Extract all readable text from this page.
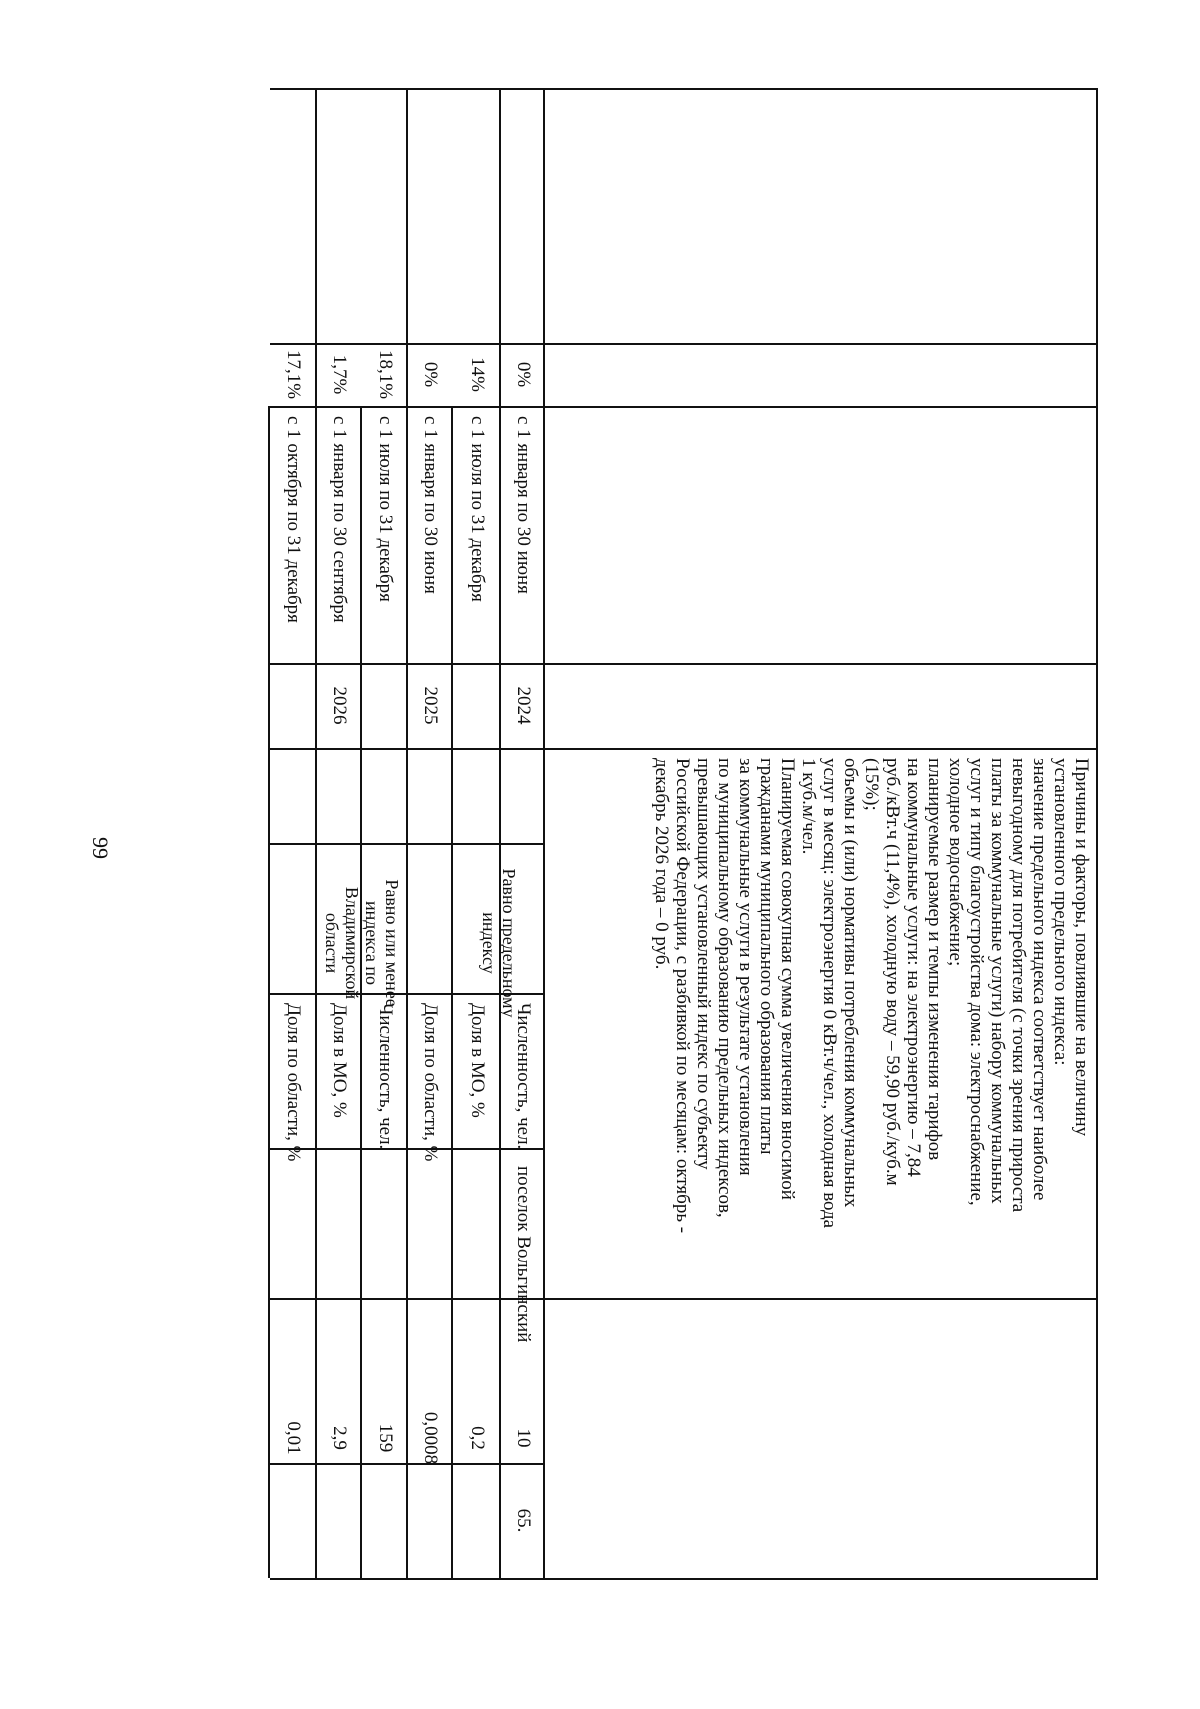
99	Причины и факторы, повлиявшие на величину
установленного предельного индекса:
значение предельного индекса соответствует наиболее
невыгодному для потребителя (с точки зрения прироста
платы за коммунальные услуги) набору коммунальных
услуг и типу благоустройства дома: электроснабжение,
холодное водоснабжение;
планируемые размер и темпы изменения тарифов
на коммунальные услуги: на электроэнергию – 7,84
руб./кВт.ч (11,4%), холодную воду – 59,90 руб./куб.м
(15%);
объемы и (или) нормативы потребления коммунальных
услуг в месяц: электроэнергия 0 кВт.ч/чел., холодная вода
1 куб.м/чел.
Планируемая совокупная сумма увеличения вносимой
гражданами муниципального образования платы
за коммунальные услуги в результате установления
по муниципальному образованию предельных индексов,
превышающих установленный индекс по субъекту
Российской Федерации, с разбивкой по месяцам: октябрь -
декабрь 2026 года – 0 руб.
65.
поселок Вольгинский
2024
2025
2026
с 1 января по 30 июня
с 1 июля по 31 декабря
с 1 января по 30 июня
с 1 июля по 31 декабря
с 1 января по 30 сентября
с 1 октября по 31 декабря
0%
14%
0%
18,1%
1,7%
17,1%
Численность, чел.
10
Доля в МО, %
0,2
Доля по области, %
0,0008
Численность, чел.
159
Доля в МО, %
2,9
Доля по области, %
0,01
Равно предельному индексу
Равно или менее индекса по Владимирской области
